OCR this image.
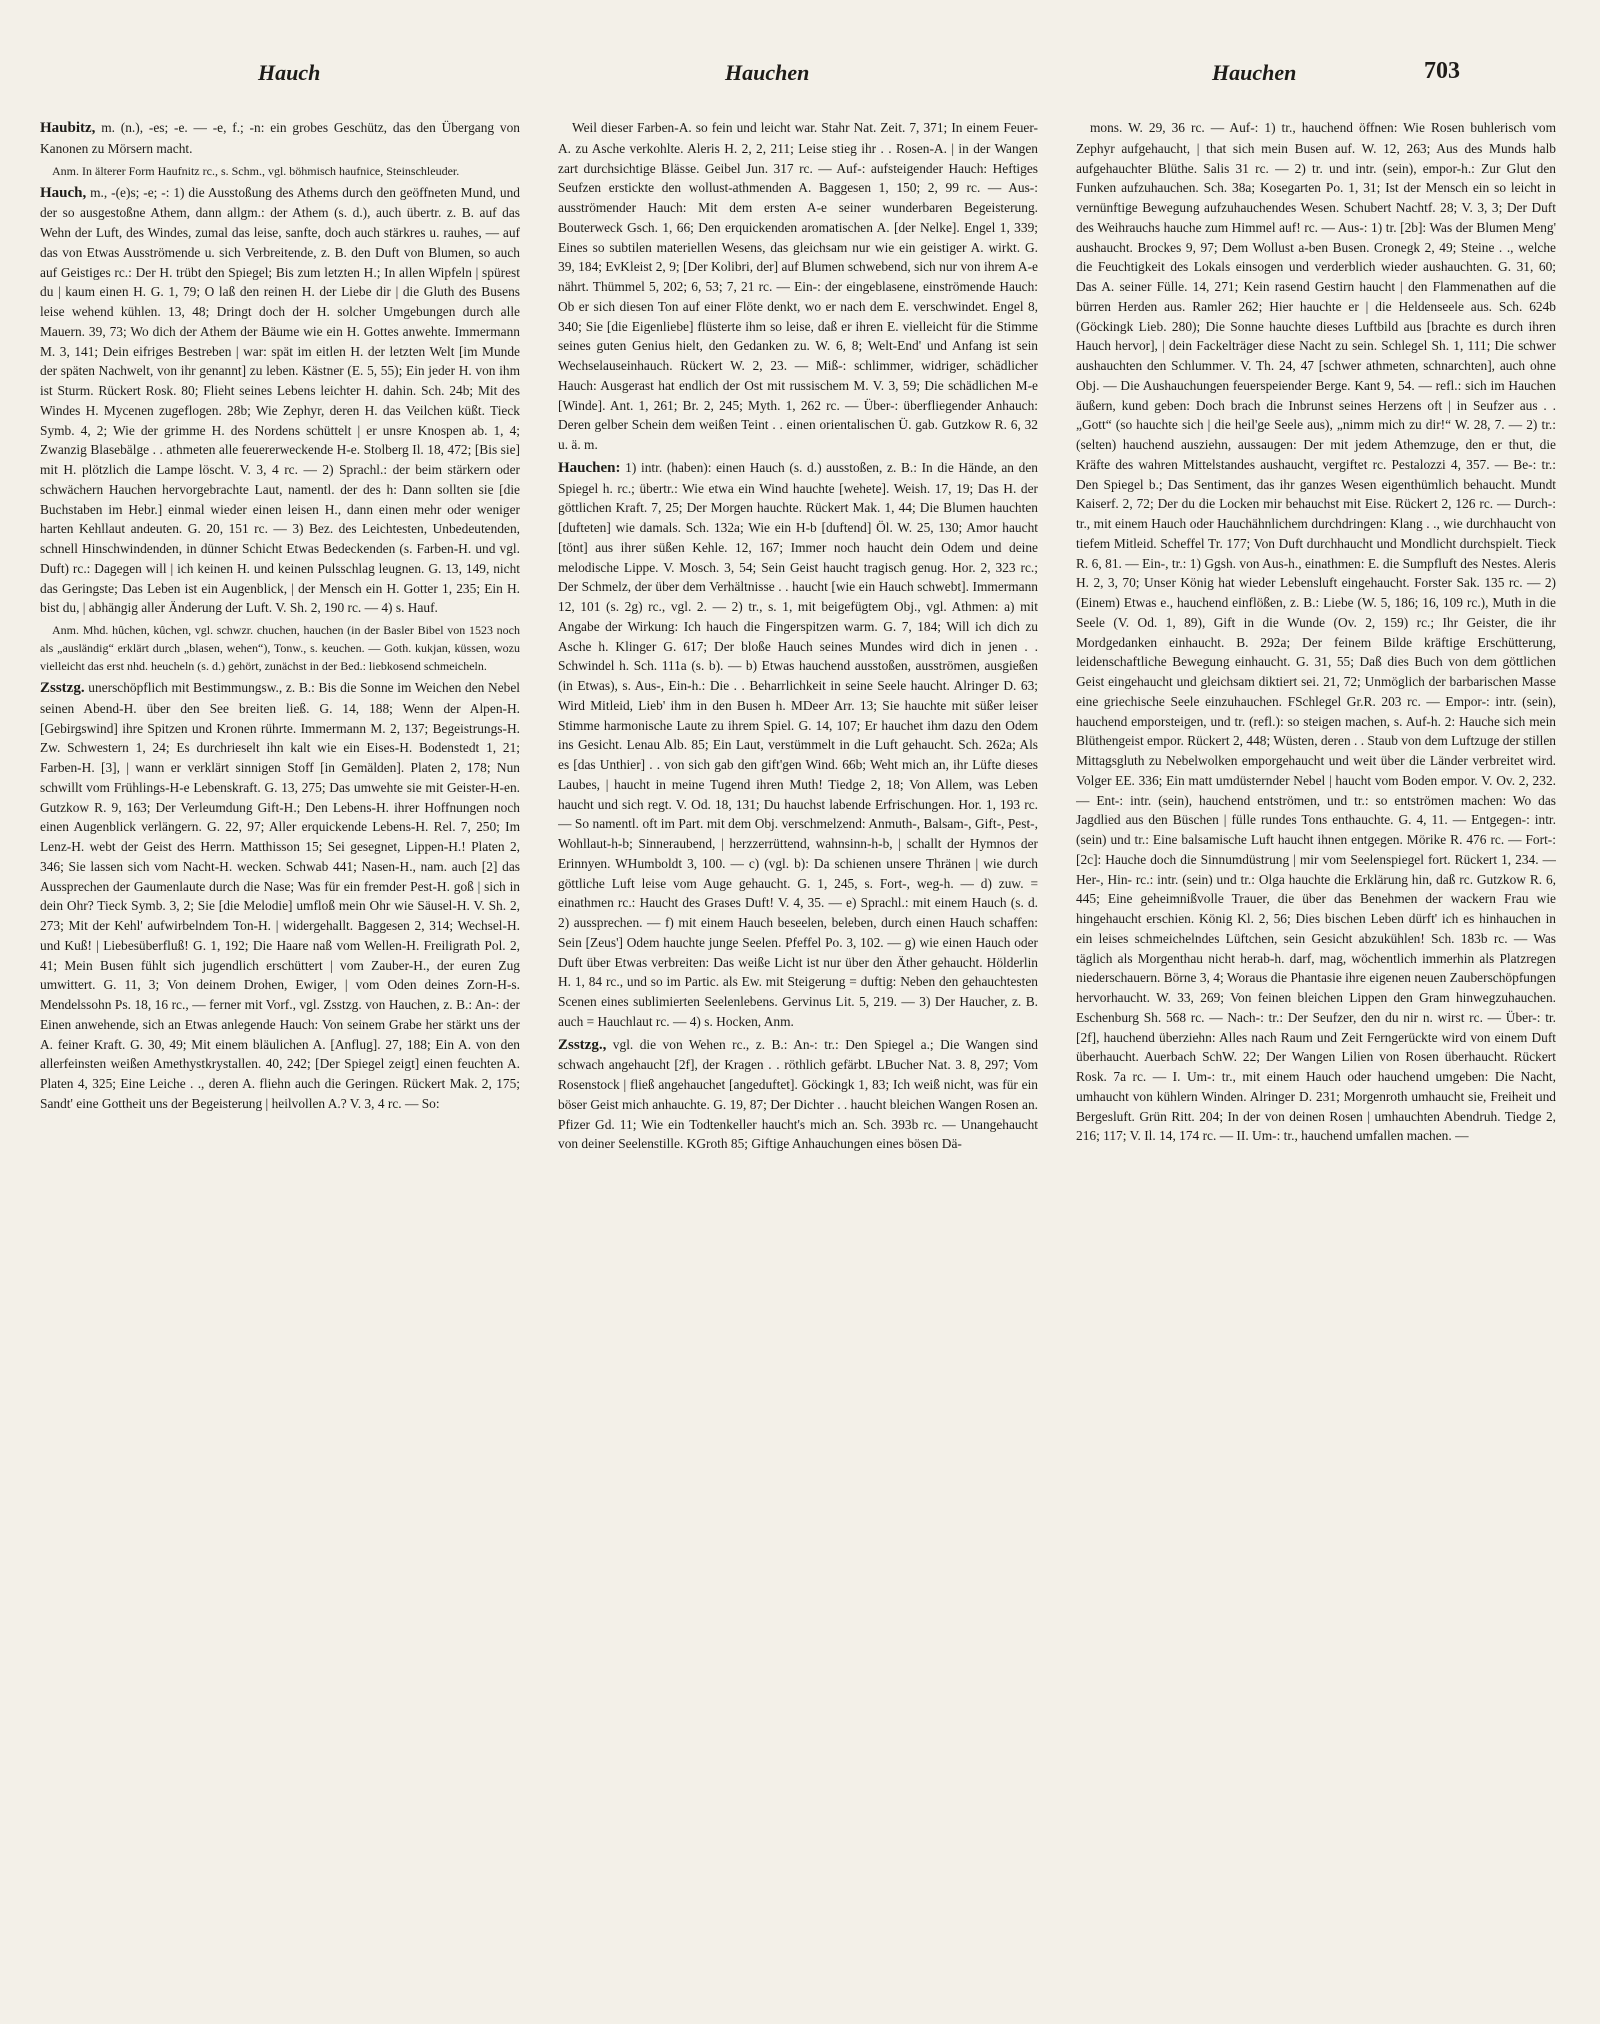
Hauch	Hauchen	Hauchen	703

Haubitz, m. (n.), -es; -e. — -e, f.; -n: ein grobes Geschütz, das den Übergang von Kanonen zu Mörsern macht.

Anm. In älterer Form Haufnitz rc., s. Schm., vgl. böhmisch haufnice, Steinschleuder.

Hauch, m., -(e)s; -e; -: 1) die Ausstoßung des Athems durch den geöffneten Mund, und der so ausgestoßne Athem, dann allgm.: der Athem (s. d.), auch übertr. z. B. auf das Wehn der Luft, des Windes, zumal das leise, sanfte, doch auch stärkres u. rauhes, — auf das von Etwas Ausströmende u. sich Verbreitende, z. B. den Duft von Blumen, so auch auf Geistiges rc.: Der H. trübt den Spiegel; Bis zum letzten H.; In allen Wipfeln | spürest du | kaum einen H. G. 1, 79; O laß den reinen H. der Liebe dir | die Gluth des Busens leise wehend kühlen. 13, 48; Dringt doch der H. solcher Umgebungen durch alle Mauern. 39, 73; Wo dich der Athem der Bäume wie ein H. Gottes anwehte. Immermann M. 3, 141; Dein eifriges Bestreben | war: spät im eitlen H. der letzten Welt [im Munde der späten Nachwelt, von ihr genannt] zu leben. Kästner (E. 5, 55); Ein jeder H. von ihm ist Sturm. Rückert Rosk. 80; Flieht seines Lebens leichter H. dahin. Sch. 24b; Mit des Windes H. Mycenen zugeflogen. 28b; Wie Zephyr, deren H. das Veilchen küßt. Tieck Symb. 4, 2; Wie der grimme H. des Nordens schüttelt | er unsre Knospen ab. 1, 4; Zwanzig Blasebälge . . athmeten alle feuererweckende H-e. Stolberg Il. 18, 472; [Bis sie] mit H. plötzlich die Lampe löscht. V. 3, 4 rc. — 2) Sprachl.: der beim stärkern oder schwächern Hauchen hervorgebrachte Laut, namentl. der des h: Dann sollten sie [die Buchstaben im Hebr.] einmal wieder einen leisen H., dann einen mehr oder weniger harten Kehllaut andeuten. G. 20, 151 rc. — 3) Bez. des Leichtesten, Unbedeutenden, schnell Hinschwindenden, in dünner Schicht Etwas Bedeckenden (s. Farben-H. und vgl. Duft) rc.: Dagegen will | ich keinen H. und keinen Pulsschlag leugnen. G. 13, 149, nicht das Geringste; Das Leben ist ein Augenblick, | der Mensch ein H. Gotter 1, 235; Ein H. bist du, | abhängig aller Änderung der Luft. V. Sh. 2, 190 rc. — 4) s. Hauf.

Anm. Mhd. hûchen, kûchen, vgl. schwzr. chuchen, hauchen (in der Basler Bibel von 1523 noch als „ausländig“ erklärt durch „blasen, wehen“), Tonw., s. keuchen. — Goth. kukjan, küssen, wozu vielleicht das erst nhd. heucheln (s. d.) gehört, zunächst in der Bed.: liebkosend schmeicheln.

Zsstzg. unerschöpflich mit Bestimmungsw., z. B.: Bis die Sonne im Weichen den Nebel seinen Abend-H. über den See breiten ließ. G. 14, 188; Wenn der Alpen-H. [Gebirgswind] ihre Spitzen und Kronen rührte. Immermann M. 2, 137; Begeistrungs-H. Zw. Schwestern 1, 24; Es durchrieselt ihn kalt wie ein Eises-H. Bodenstedt 1, 21; Farben-H. [3], | wann er verklärt sinnigen Stoff [in Gemälden]. Platen 2, 178; Nun schwillt vom Frühlings-H-e Lebenskraft. G. 13, 275; Das umwehte sie mit Geister-H-en. Gutzkow R. 9, 163; Der Verleumdung Gift-H.; Den Lebens-H. ihrer Hoffnungen noch einen Augenblick verlängern. G. 22, 97; Aller erquickende Lebens-H. Rel. 7, 250; Im Lenz-H. webt der Geist des Herrn. Matthisson 15; Sei gesegnet, Lippen-H.! Platen 2, 346; Sie lassen sich vom Nacht-H. wecken. Schwab 441; Nasen-H., nam. auch [2] das Aussprechen der Gaumenlaute durch die Nase; Was für ein fremder Pest-H. goß | sich in dein Ohr? Tieck Symb. 3, 2; Sie [die Melodie] umfloß mein Ohr wie Säusel-H. V. Sh. 2, 273; Mit der Kehl' aufwirbelndem Ton-H. | widergehallt. Baggesen 2, 314; Wechsel-H. und Kuß! | Liebesüberfluß! G. 1, 192; Die Haare naß vom Wellen-H. Freiligrath Pol. 2, 41; Mein Busen fühlt sich jugendlich erschüttert | vom Zauber-H., der euren Zug umwittert. G. 11, 3; Von deinem Drohen, Ewiger, | vom Oden deines Zorn-H-s. Mendelssohn Ps. 18, 16 rc., — ferner mit Vorf., vgl. Zsstzg. von Hauchen, z. B.: An-: der Einen anwehende, sich an Etwas anlegende Hauch: Von seinem Grabe her stärkt uns der A. feiner Kraft. G. 30, 49; Mit einem bläulichen A. [Anflug]. 27, 188; Ein A. von den allerfeinsten weißen Amethystkrystallen. 40, 242; [Der Spiegel zeigt] einen feuchten A. Platen 4, 325; Eine Leiche . ., deren A. fliehn auch die Geringen. Rückert Mak. 2, 175; Sandt' eine Gottheit uns der Begeisterung | heilvollen A.? V. 3, 4 rc. — So:

Weil dieser Farben-A. so fein und leicht war. Stahr Nat. Zeit. 7, 371; In einem Feuer-A. zu Asche verkohlte. Aleris H. 2, 2, 211; Leise stieg ihr . . Rosen-A. | in der Wangen zart durchsichtige Blässe. Geibel Jun. 317 rc. — Auf-: aufsteigender Hauch: Heftiges Seufzen erstickte den wollust-athmenden A. Baggesen 1, 150; 2, 99 rc. — Aus-: ausströmender Hauch: Mit dem ersten A-e seiner wunderbaren Begeisterung. Bouterweck Gsch. 1, 66; Den erquickenden aromatischen A. [der Nelke]. Engel 1, 339; Eines so subtilen materiellen Wesens, das gleichsam nur wie ein geistiger A. wirkt. G. 39, 184; EvKleist 2, 9; [Der Kolibri, der] auf Blumen schwebend, sich nur von ihrem A-e nährt. Thümmel 5, 202; 6, 53; 7, 21 rc. — Ein-: der eingeblasene, einströmende Hauch: Ob er sich diesen Ton auf einer Flöte denkt, wo er nach dem E. verschwindet. Engel 8, 340; Sie [die Eigenliebe] flüsterte ihm so leise, daß er ihren E. vielleicht für die Stimme seines guten Genius hielt, den Gedanken zu. W. 6, 8; Welt-End' und Anfang ist sein Wechselauseinhauch. Rückert W. 2, 23. — Miß-: schlimmer, widriger, schädlicher Hauch: Ausgerast hat endlich der Ost mit russischem M. V. 3, 59; Die schädlichen M-e [Winde]. Ant. 1, 261; Br. 2, 245; Myth. 1, 262 rc. — Über-: überfliegender Anhauch: Deren gelber Schein dem weißen Teint . . einen orientalischen Ü. gab. Gutzkow R. 6, 32 u. ä. m.

Hauchen: 1) intr. (haben): einen Hauch (s. d.) ausstoßen, z. B.: In die Hände, an den Spiegel h. rc.; übertr.: Wie etwa ein Wind hauchte [wehete]. Weish. 17, 19; Das H. der göttlichen Kraft. 7, 25; Der Morgen hauchte. Rückert Mak. 1, 44; Die Blumen hauchten [dufteten] wie damals. Sch. 132a; Wie ein H-b [duftend] Öl. W. 25, 130; Amor haucht [tönt] aus ihrer süßen Kehle. 12, 167; Immer noch haucht dein Odem und deine melodische Lippe. V. Mosch. 3, 54; Sein Geist haucht tragisch genug. Hor. 2, 323 rc.; Der Schmelz, der über dem Verhältnisse . . haucht [wie ein Hauch schwebt]. Immermann 12, 101 (s. 2g) rc., vgl. 2. — 2) tr., s. 1, mit beigefügtem Obj., vgl. Athmen: a) mit Angabe der Wirkung: Ich hauch die Fingerspitzen warm. G. 7, 184; Will ich dich zu Asche h. Klinger G. 617; Der bloße Hauch seines Mundes wird dich in jenen . . Schwindel h. Sch. 111a (s. b). — b) Etwas hauchend ausstoßen, ausströmen, ausgießen (in Etwas), s. Aus-, Ein-h.: Die . . Beharrlichkeit in seine Seele haucht. Alringer D. 63; Wird Mitleid, Lieb' ihm in den Busen h. MDeer Arr. 13; Sie hauchte mit süßer leiser Stimme harmonische Laute zu ihrem Spiel. G. 14, 107; Er hauchet ihm dazu den Odem ins Gesicht. Lenau Alb. 85; Ein Laut, verstümmelt in die Luft gehaucht. Sch. 262a; Als es [das Unthier] . . von sich gab den gift'gen Wind. 66b; Weht mich an, ihr Lüfte dieses Laubes, | haucht in meine Tugend ihren Muth! Tiedge 2, 18; Von Allem, was Leben haucht und sich regt. V. Od. 18, 131; Du hauchst labende Erfrischungen. Hor. 1, 193 rc. — So namentl. oft im Part. mit dem Obj. verschmelzend: Anmuth-, Balsam-, Gift-, Pest-, Wohllaut-h-b; Sinneraubend, | herzzerrüttend, wahnsinn-h-b, | schallt der Hymnos der Erinnyen. WHumboldt 3, 100. — c) (vgl. b): Da schienen unsere Thränen | wie durch göttliche Luft leise vom Auge gehaucht. G. 1, 245, s. Fort-, weg-h. — d) zuw. = einathmen rc.: Haucht des Grases Duft! V. 4, 35. — e) Sprachl.: mit einem Hauch (s. d. 2) aussprechen. — f) mit einem Hauch beseelen, beleben, durch einen Hauch schaffen: Sein [Zeus'] Odem hauchte junge Seelen. Pfeffel Po. 3, 102. — g) wie einen Hauch oder Duft über Etwas verbreiten: Das weiße Licht ist nur über den Äther gehaucht. Hölderlin H. 1, 84 rc., und so im Partic. als Ew. mit Steigerung = duftig: Neben den gehauchtesten Scenen eines sublimierten Seelenlebens. Gervinus Lit. 5, 219. — 3) Der Haucher, z. B. auch = Hauchlaut rc. — 4) s. Hocken, Anm.

Zsstzg., vgl. die von Wehen rc., z. B.: An-: tr.: Den Spiegel a.; Die Wangen sind schwach angehaucht [2f], der Kragen . . röthlich gefärbt. LBucher Nat. 3. 8, 297; Vom Rosenstock | fließ angehauchet [angeduftet]. Göckingk 1, 83; Ich weiß nicht, was für ein böser Geist mich anhauchte. G. 19, 87; Der Dichter . . haucht bleichen Wangen Rosen an. Pfizer Gd. 11; Wie ein Todtenkeller haucht's mich an. Sch. 393b rc. — Unangehaucht von deiner Seelenstille. KGroth 85; Giftige Anhauchungen eines bösen Dä-

mons. W. 29, 36 rc. — Auf-: 1) tr., hauchend öffnen: Wie Rosen buhlerisch vom Zephyr aufgehaucht, | that sich mein Busen auf. W. 12, 263; Aus des Munds halb aufgehauchter Blüthe. Salis 31 rc. — 2) tr. und intr. (sein), empor-h.: Zur Glut den Funken aufzuhauchen. Sch. 38a; Kosegarten Po. 1, 31; Ist der Mensch ein so leicht in vernünftige Bewegung aufzuhauchendes Wesen. Schubert Nachtf. 28; V. 3, 3; Der Duft des Weihrauchs hauche zum Himmel auf! rc. — Aus-: 1) tr. [2b]: Was der Blumen Meng' aushaucht. Brockes 9, 97; Dem Wollust a-ben Busen. Cronegk 2, 49; Steine . ., welche die Feuchtigkeit des Lokals einsogen und verderblich wieder aushauchten. G. 31, 60; Das A. seiner Fülle. 14, 271; Kein rasend Gestirn haucht | den Flammenathen auf die bürren Herden aus. Ramler 262; Hier hauchte er | die Heldenseele aus. Sch. 624b (Göckingk Lieb. 280); Die Sonne hauchte dieses Luftbild aus [brachte es durch ihren Hauch hervor], | dein Fackelträger diese Nacht zu sein. Schlegel Sh. 1, 111; Die schwer aushauchten den Schlummer. V. Th. 24, 47 [schwer athmeten, schnarchten], auch ohne Obj. — Die Aushauchungen feuerspeiender Berge. Kant 9, 54. — refl.: sich im Hauchen äußern, kund geben: Doch brach die Inbrunst seines Herzens oft | in Seufzer aus . . „Gott“ (so hauchte sich | die heil'ge Seele aus), „nimm mich zu dir!“ W. 28, 7. — 2) tr.: (selten) hauchend ausziehn, aussaugen: Der mit jedem Athemzuge, den er thut, die Kräfte des wahren Mittelstandes aushaucht, vergiftet rc. Pestalozzi 4, 357. — Be-: tr.: Den Spiegel b.; Das Sentiment, das ihr ganzes Wesen eigenthümlich behaucht. Mundt Kaiserf. 2, 72; Der du die Locken mir behauchst mit Eise. Rückert 2, 126 rc. — Durch-: tr., mit einem Hauch oder Hauchähnlichem durchdringen: Klang . ., wie durchhaucht von tiefem Mitleid. Scheffel Tr. 177; Von Duft durchhaucht und Mondlicht durchspielt. Tieck R. 6, 81. — Ein-, tr.: 1) Ggsh. von Aus-h., einathmen: E. die Sumpfluft des Nestes. Aleris H. 2, 3, 70; Unser König hat wieder Lebensluft eingehaucht. Forster Sak. 135 rc. — 2) (Einem) Etwas e., hauchend einflößen, z. B.: Liebe (W. 5, 186; 16, 109 rc.), Muth in die Seele (V. Od. 1, 89), Gift in die Wunde (Ov. 2, 159) rc.; Ihr Geister, die ihr Mordgedanken einhaucht. B. 292a; Der feinem Bilde kräftige Erschütterung, leidenschaftliche Bewegung einhaucht. G. 31, 55; Daß dies Buch von dem göttlichen Geist eingehaucht und gleichsam diktiert sei. 21, 72; Unmöglich der barbarischen Masse eine griechische Seele einzuhauchen. FSchlegel Gr.R. 203 rc. — Empor-: intr. (sein), hauchend emporsteigen, und tr. (refl.): so steigen machen, s. Auf-h. 2: Hauche sich mein Blüthengeist empor. Rückert 2, 448; Wüsten, deren . . Staub von dem Luftzuge der stillen Mittagsgluth zu Nebelwolken emporgehaucht und weit über die Länder verbreitet wird. Volger EE. 336; Ein matt umdüsternder Nebel | haucht vom Boden empor. V. Ov. 2, 232. — Ent-: intr. (sein), hauchend entströmen, und tr.: so entströmen machen: Wo das Jagdlied aus den Büschen | fülle rundes Tons enthauchte. G. 4, 11. — Entgegen-: intr. (sein) und tr.: Eine balsamische Luft haucht ihnen entgegen. Mörike R. 476 rc. — Fort-: [2c]: Hauche doch die Sinnumdüstrung | mir vom Seelenspiegel fort. Rückert 1, 234. — Her-, Hin- rc.: intr. (sein) und tr.: Olga hauchte die Erklärung hin, daß rc. Gutzkow R. 6, 445; Eine geheimnißvolle Trauer, die über das Benehmen der wackern Frau wie hingehaucht erschien. König Kl. 2, 56; Dies bischen Leben dürft' ich es hinhauchen in ein leises schmeichelndes Lüftchen, sein Gesicht abzukühlen! Sch. 183b rc. — Was täglich als Morgenthau nicht herab-h. darf, mag, wöchentlich immerhin als Platzregen niederschauern. Börne 3, 4; Woraus die Phantasie ihre eigenen neuen Zauberschöpfungen hervorhaucht. W. 33, 269; Von feinen bleichen Lippen den Gram hinwegzuhauchen. Eschenburg Sh. 568 rc. — Nach-: tr.: Der Seufzer, den du nir n. wirst rc. — Über-: tr. [2f], hauchend überziehn: Alles nach Raum und Zeit Ferngerückte wird von einem Duft überhaucht. Auerbach SchW. 22; Der Wangen Lilien von Rosen überhaucht. Rückert Rosk. 7a rc. — I. Um-: tr., mit einem Hauch oder hauchend umgeben: Die Nacht, umhaucht von kühlern Winden. Alringer D. 231; Morgenroth umhaucht sie, Freiheit und Bergesluft. Grün Ritt. 204; In der von deinen Rosen | umhauchten Abendruh. Tiedge 2, 216; 117; V. Il. 14, 174 rc. — II. Um-: tr., hauchend umfallen machen. —
